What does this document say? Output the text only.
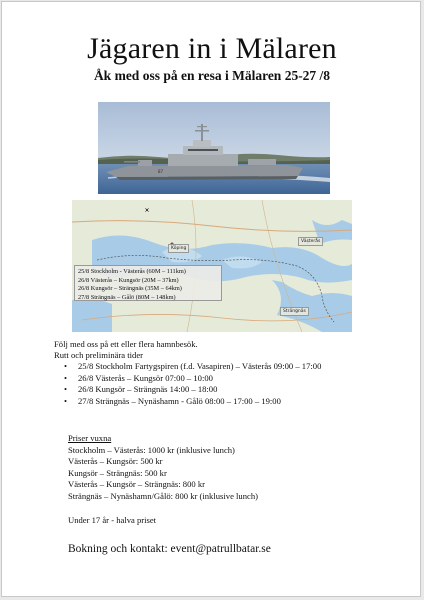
Jägaren in i Mälaren
Åk med oss på en resa i Mälaren 25-27 /8
87
Köping
Västerås
Strängnäs
25/8 Stockholm - Västerås (60M – 111km)
26/8 Västerås – Kungsör (20M – 37km)
26/8 Kungsör – Strängnäs (35M – 64km)
27/8 Strängnäs – Gålö (80M – 148km)
Följ med oss på ett eller flera hamnbesök.
Rutt och preliminära tider
• 25/8 Stockholm Fartygspiren (f.d. Vasapiren) – Västerås 09:00 – 17:00
• 26/8 Västerås – Kungsör 07:00 – 10:00
• 26/8 Kungsör – Strängnäs 14:00 – 18:00
• 27/8 Strängnäs – Nynäshamn - Gålö 08:00 – 17:00 – 19:00
Priser vuxna
Stockholm – Västerås: 1000 kr (inklusive lunch)
Västerås – Kungsör: 500 kr
Kungsör – Strängnäs: 500 kr
Västerås – Kungsör – Strängnäs: 800 kr
Strängnäs – Nynäshamn/Gålö: 800 kr (inklusive lunch)
Under 17 år - halva priset
Bokning och kontakt: event@patrullbatar.se
